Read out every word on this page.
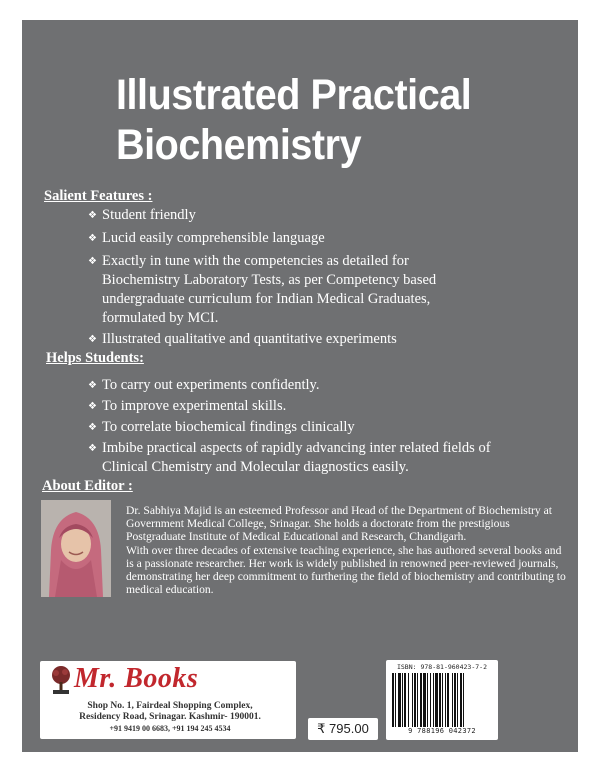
Illustrated Practical Biochemistry
Salient Features :
❖ Student friendly
❖ Lucid easily comprehensible language
❖ Exactly in tune with the competencies as detailed for Biochemistry Laboratory Tests, as per Competency based undergraduate curriculum for Indian Medical Graduates, formulated by MCI.
❖ Illustrated qualitative and quantitative experiments
Helps Students:
❖ To carry out experiments confidently.
❖ To improve experimental skills.
❖ To correlate biochemical findings clinically
❖ Imbibe practical aspects of rapidly advancing inter related fields of Clinical Chemistry and Molecular diagnostics easily.
About Editor :

Dr. Sabhiya Majid is an esteemed Professor and Head of the Department of Biochemistry at Government Medical College, Srinagar. She holds a doctorate from the prestigious Postgraduate Institute of Medical Educational and Research, Chandigarh.

With over three decades of extensive teaching experience, she has authored several books and is a passionate researcher. Her work is widely published in renowned peer-reviewed journals, demonstrating her deep commitment to furthering the field of biochemistry and contributing to medical education.

Mr. Books
Shop No. 1, Fairdeal Shopping Complex,
Residency Road, Srinagar. Kashmir- 190001.
+91 9419 00 6683, +91 194 245 4534	₹ 795.00
ISBN: 978-81-960423-7-2
9 788196 042372
